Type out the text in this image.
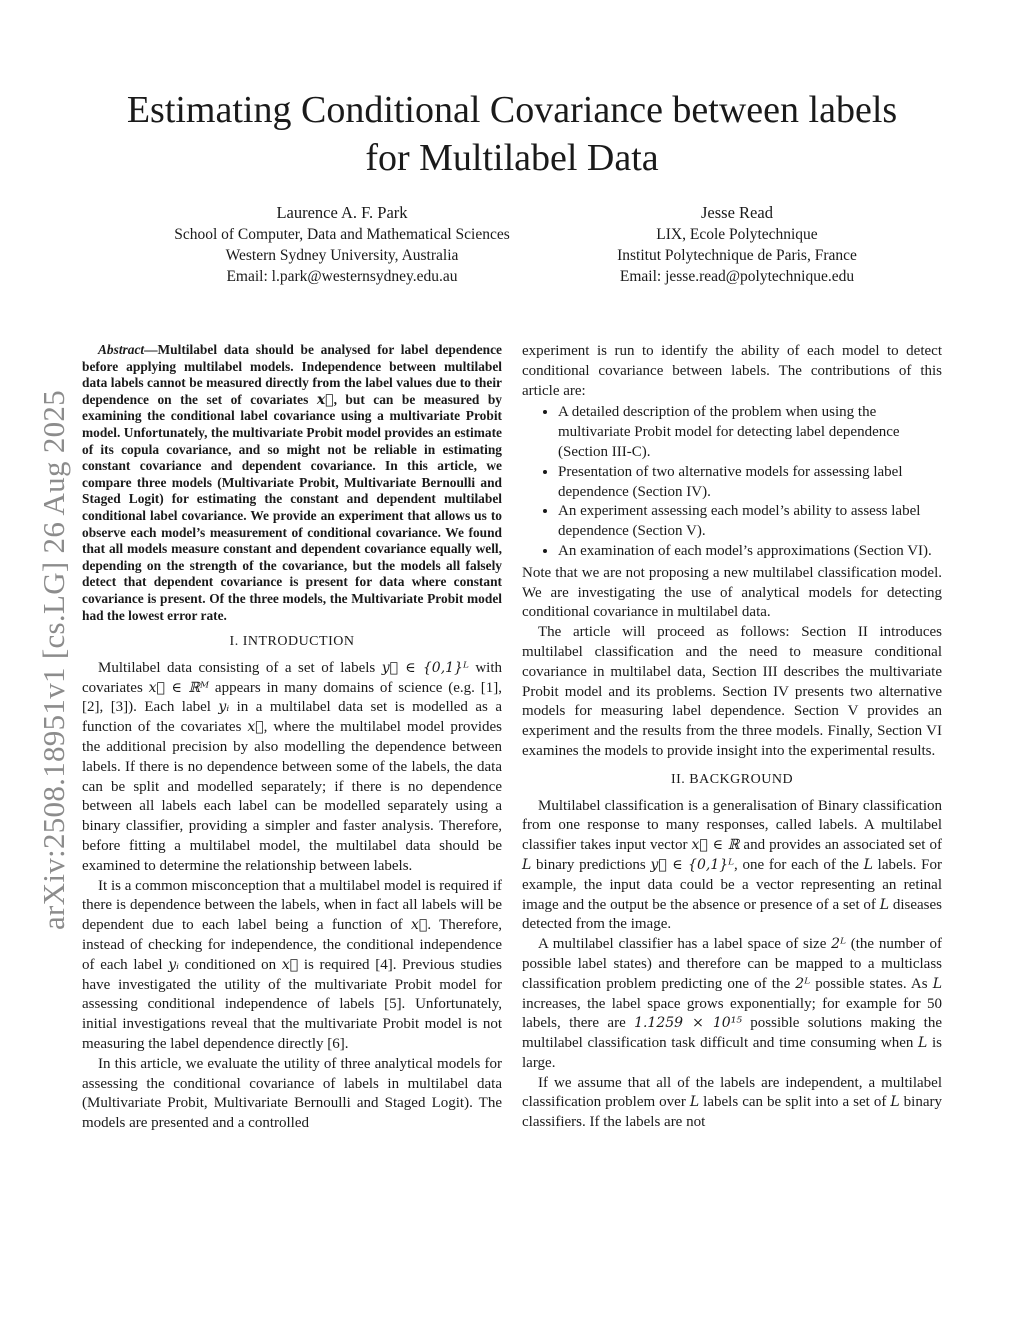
Estimating Conditional Covariance between labels
for Multilabel Data
Laurence A. F. Park
School of Computer, Data and Mathematical Sciences
Western Sydney University, Australia
Email: l.park@westernsydney.edu.au
Jesse Read
LIX, Ecole Polytechnique
Institut Polytechnique de Paris, France
Email: jesse.read@polytechnique.edu
arXiv:2508.18951v1 [cs.LG] 26 Aug 2025

Abstract—Multilabel data should be analysed for label dependence before applying multilabel models. Independence between multilabel data labels cannot be measured directly from the label values due to their dependence on the set of covariates x⃗, but can be measured by examining the conditional label covariance using a multivariate Probit model. Unfortunately, the multivariate Probit model provides an estimate of its copula covariance, and so might not be reliable in estimating constant covariance and dependent covariance. In this article, we compare three models (Multivariate Probit, Multivariate Bernoulli and Staged Logit) for estimating the constant and dependent multilabel conditional label covariance. We provide an experiment that allows us to observe each model’s measurement of conditional covariance. We found that all models measure constant and dependent covariance equally well, depending on the strength of the covariance, but the models all falsely detect that dependent covariance is present for data where constant covariance is present. Of the three models, the Multivariate Probit model had the lowest error rate.

I. INTRODUCTION

Multilabel data consisting of a set of labels y⃗ ∈ {0,1}ᴸ with covariates x⃗ ∈ ℝᴹ appears in many domains of science (e.g. [1], [2], [3]). Each label yᵢ in a multilabel data set is modelled as a function of the covariates x⃗, where the multilabel model provides the additional precision by also modelling the dependence between labels. If there is no dependence between some of the labels, the data can be split and modelled separately; if there is no dependence between all labels each label can be modelled separately using a binary classifier, providing a simpler and faster analysis. Therefore, before fitting a multilabel model, the multilabel data should be examined to determine the relationship between labels.

It is a common misconception that a multilabel model is required if there is dependence between the labels, when in fact all labels will be dependent due to each label being a function of x⃗. Therefore, instead of checking for independence, the conditional independence of each label yᵢ conditioned on x⃗ is required [4]. Previous studies have investigated the utility of the multivariate Probit model for assessing conditional independence of labels [5]. Unfortunately, initial investigations reveal that the multivariate Probit model is not measuring the label dependence directly [6].

In this article, we evaluate the utility of three analytical models for assessing the conditional covariance of labels in multilabel data (Multivariate Probit, Multivariate Bernoulli and Staged Logit). The models are presented and a controlled

experiment is run to identify the ability of each model to detect conditional covariance between labels. The contributions of this article are:

• A detailed description of the problem when using the multivariate Probit model for detecting label dependence (Section III-C).
• Presentation of two alternative models for assessing label dependence (Section IV).
• An experiment assessing each model’s ability to assess label dependence (Section V).
• An examination of each model’s approximations (Section VI).

Note that we are not proposing a new multilabel classification model. We are investigating the use of analytical models for detecting conditional covariance in multilabel data.

The article will proceed as follows: Section II introduces multilabel classification and the need to measure conditional covariance in multilabel data, Section III describes the multivariate Probit model and its problems. Section IV presents two alternative models for measuring label dependence. Section V provides an experiment and the results from the three models. Finally, Section VI examines the models to provide insight into the experimental results.

II. BACKGROUND

Multilabel classification is a generalisation of Binary classification from one response to many responses, called labels. A multilabel classifier takes input vector x⃗ ∈ ℝ and provides an associated set of L binary predictions y⃗ ∈ {0,1}ᴸ, one for each of the L labels. For example, the input data could be a vector representing an retinal image and the output be the absence or presence of a set of L diseases detected from the image.

A multilabel classifier has a label space of size 2ᴸ (the number of possible label states) and therefore can be mapped to a multiclass classification problem predicting one of the 2ᴸ possible states. As L increases, the label space grows exponentially; for example for 50 labels, there are 1.1259 × 10¹⁵ possible solutions making the multilabel classification task difficult and time consuming when L is large.

If we assume that all of the labels are independent, a multilabel classification problem over L labels can be split into a set of L binary classifiers. If the labels are not
